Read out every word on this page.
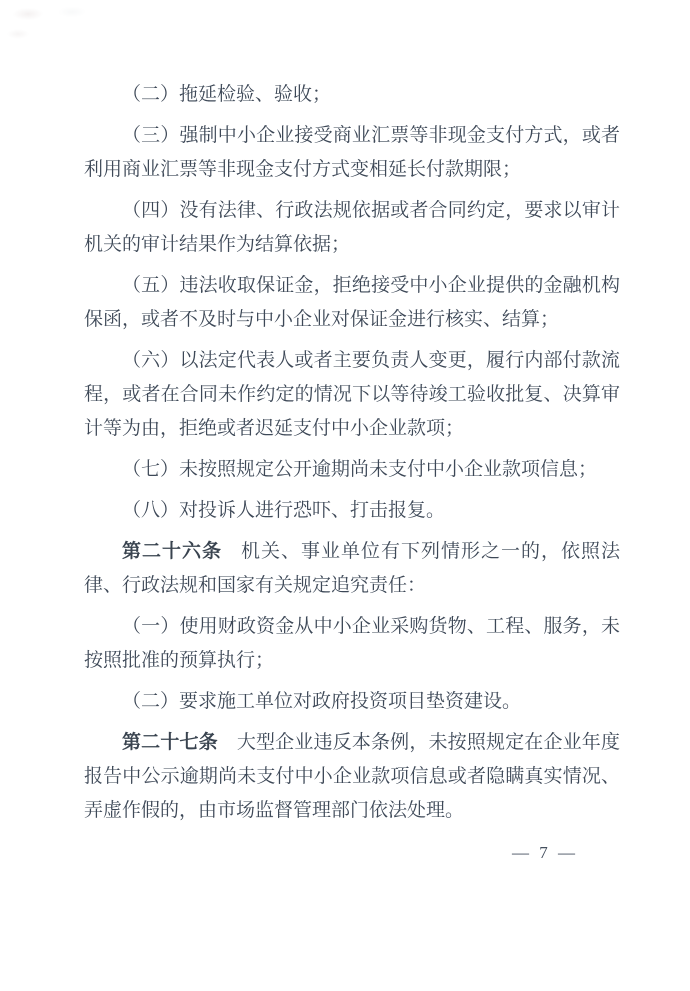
（二）拖延检验、验收；

（三）强制中小企业接受商业汇票等非现金支付方式，或者利用商业汇票等非现金支付方式变相延长付款期限；

（四）没有法律、行政法规依据或者合同约定，要求以审计机关的审计结果作为结算依据；

（五）违法收取保证金，拒绝接受中小企业提供的金融机构保函，或者不及时与中小企业对保证金进行核实、结算；

（六）以法定代表人或者主要负责人变更，履行内部付款流程，或者在合同未作约定的情况下以等待竣工验收批复、决算审计等为由，拒绝或者迟延支付中小企业款项；

（七）未按照规定公开逾期尚未支付中小企业款项信息；

（八）对投诉人进行恐吓、打击报复。

第二十六条 机关、事业单位有下列情形之一的，依照法律、行政法规和国家有关规定追究责任：

（一）使用财政资金从中小企业采购货物、工程、服务，未按照批准的预算执行；

（二）要求施工单位对政府投资项目垫资建设。

第二十七条 大型企业违反本条例，未按照规定在企业年度报告中公示逾期尚未支付中小企业款项信息或者隐瞒真实情况、弄虚作假的，由市场监督管理部门依法处理。

— 7 —
